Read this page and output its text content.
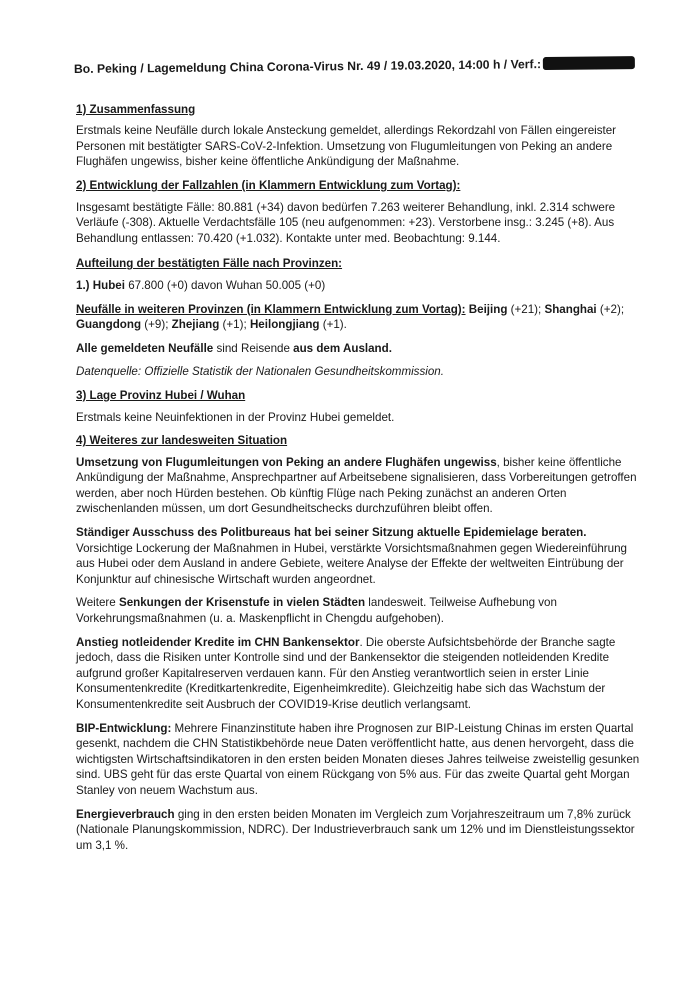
Bo. Peking / Lagemeldung China Corona-Virus Nr. 49 / 19.03.2020, 14:00 h / Verf.:
1) Zusammenfassung

Erstmals keine Neufälle durch lokale Ansteckung gemeldet, allerdings Rekordzahl von Fällen eingereister Personen mit bestätigter SARS-CoV-2-Infektion. Umsetzung von Flugumleitungen von Peking an andere Flughäfen ungewiss, bisher keine öffentliche Ankündigung der Maßnahme.

2) Entwicklung der Fallzahlen (in Klammern Entwicklung zum Vortag):

Insgesamt bestätigte Fälle: 80.881 (+34) davon bedürfen 7.263 weiterer Behandlung, inkl. 2.314 schwere Verläufe (-308). Aktuelle Verdachtsfälle 105 (neu aufgenommen: +23). Verstorbene insg.: 3.245 (+8). Aus Behandlung entlassen: 70.420 (+1.032). Kontakte unter med. Beobachtung: 9.144.

Aufteilung der bestätigten Fälle nach Provinzen:

1.) Hubei 67.800 (+0) davon Wuhan 50.005 (+0)

Neufälle in weiteren Provinzen (in Klammern Entwicklung zum Vortag): Beijing (+21); Shanghai (+2); Guangdong (+9); Zhejiang (+1); Heilongjiang (+1).

Alle gemeldeten Neufälle sind Reisende aus dem Ausland.

Datenquelle: Offizielle Statistik der Nationalen Gesundheitskommission.

3) Lage Provinz Hubei / Wuhan

Erstmals keine Neuinfektionen in der Provinz Hubei gemeldet.

4) Weiteres zur landesweiten Situation

Umsetzung von Flugumleitungen von Peking an andere Flughäfen ungewiss, bisher keine öffentliche Ankündigung der Maßnahme, Ansprechpartner auf Arbeitsebene signalisieren, dass Vorbereitungen getroffen werden, aber noch Hürden bestehen. Ob künftig Flüge nach Peking zunächst an anderen Orten zwischenlanden müssen, um dort Gesundheitschecks durchzuführen bleibt offen.

Ständiger Ausschuss des Politbureaus hat bei seiner Sitzung aktuelle Epidemielage beraten. Vorsichtige Lockerung der Maßnahmen in Hubei, verstärkte Vorsichtsmaßnahmen gegen Wiedereinführung aus Hubei oder dem Ausland in andere Gebiete, weitere Analyse der Effekte der weltweiten Eintrübung der Konjunktur auf chinesische Wirtschaft wurden angeordnet.

Weitere Senkungen der Krisenstufe in vielen Städten landesweit. Teilweise Aufhebung von Vorkehrungsmaßnahmen (u. a. Maskenpflicht in Chengdu aufgehoben).

Anstieg notleidender Kredite im CHN Bankensektor. Die oberste Aufsichtsbehörde der Branche sagte jedoch, dass die Risiken unter Kontrolle sind und der Bankensektor die steigenden notleidenden Kredite aufgrund großer Kapitalreserven verdauen kann. Für den Anstieg verantwortlich seien in erster Linie Konsumentenkredite (Kreditkartenkredite, Eigenheimkredite). Gleichzeitig habe sich das Wachstum der Konsumentenkredite seit Ausbruch der COVID19-Krise deutlich verlangsamt.

BIP-Entwicklung: Mehrere Finanzinstitute haben ihre Prognosen zur BIP-Leistung Chinas im ersten Quartal gesenkt, nachdem die CHN Statistikbehörde neue Daten veröffentlicht hatte, aus denen hervorgeht, dass die wichtigsten Wirtschaftsindikatoren in den ersten beiden Monaten dieses Jahres teilweise zweistellig gesunken sind. UBS geht für das erste Quartal von einem Rückgang von 5% aus. Für das zweite Quartal geht Morgan Stanley von neuem Wachstum aus.

Energieverbrauch ging in den ersten beiden Monaten im Vergleich zum Vorjahreszeitraum um 7,8% zurück (Nationale Planungskommission, NDRC). Der Industrieverbrauch sank um 12% und im Dienstleistungssektor um 3,1 %.
